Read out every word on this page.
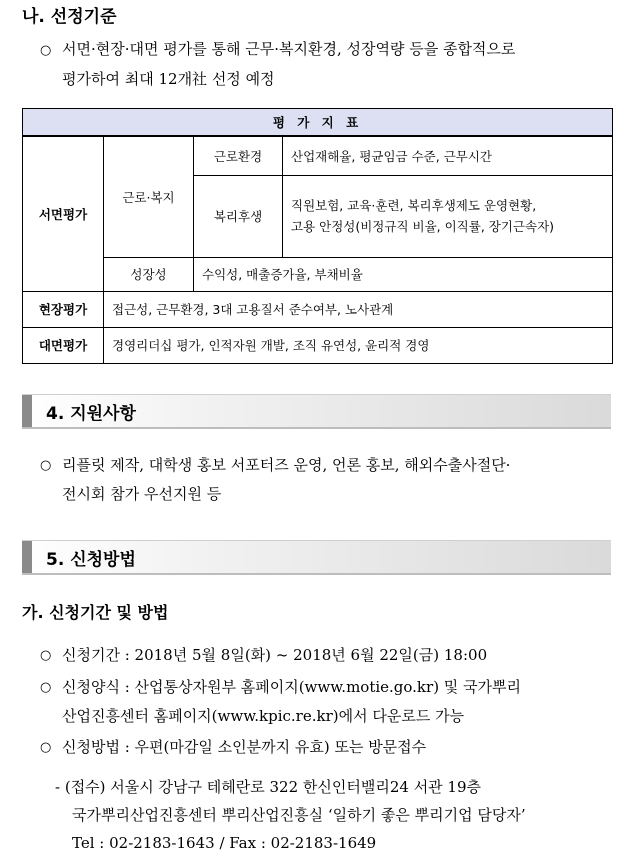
나. 선정기준
○ 서면·현장·대면 평가를 통해 근무·복지환경, 성장역량 등을 종합적으로
평가하여 최대 12개社 선정 예정
평 가 지 표			
서면평가	근로·복지	근로환경	산업재해율, 평균임금 수준, 근무시간
		복리후생	직원보험, 교육·훈련, 복리후생제도 운영현황,
고용 안정성(비정규직 비율, 이직률, 장기근속자)

	성장성	수익성, 매출증가율, 부채비율	
현장평가	접근성, 근무환경, 3대 고용질서 준수여부, 노사관계		
대면평가	경영리더십 평가, 인적자원 개발, 조직 유연성, 윤리적 경영		
4. 지원사항
○ 리플릿 제작, 대학생 홍보 서포터즈 운영, 언론 홍보, 해외수출사절단·
전시회 참가 우선지원 등
5. 신청방법
가. 신청기간 및 방법
○ 신청기간 : 2018년 5월 8일(화) ~ 2018년 6월 22일(금) 18:00
○ 신청양식 : 산업통상자원부 홈페이지(www.motie.go.kr) 및 국가뿌리
산업진흥센터 홈페이지(www.kpic.re.kr)에서 다운로드 가능
○ 신청방법 : 우편(마감일 소인분까지 유효) 또는 방문접수
- (접수) 서울시 강남구 테헤란로 322 한신인터밸리24 서관 19층
국가뿌리산업진흥센터 뿌리산업진흥실 ‘일하기 좋은 뿌리기업 담당자’
Tel : 02-2183-1643 / Fax : 02-2183-1649
